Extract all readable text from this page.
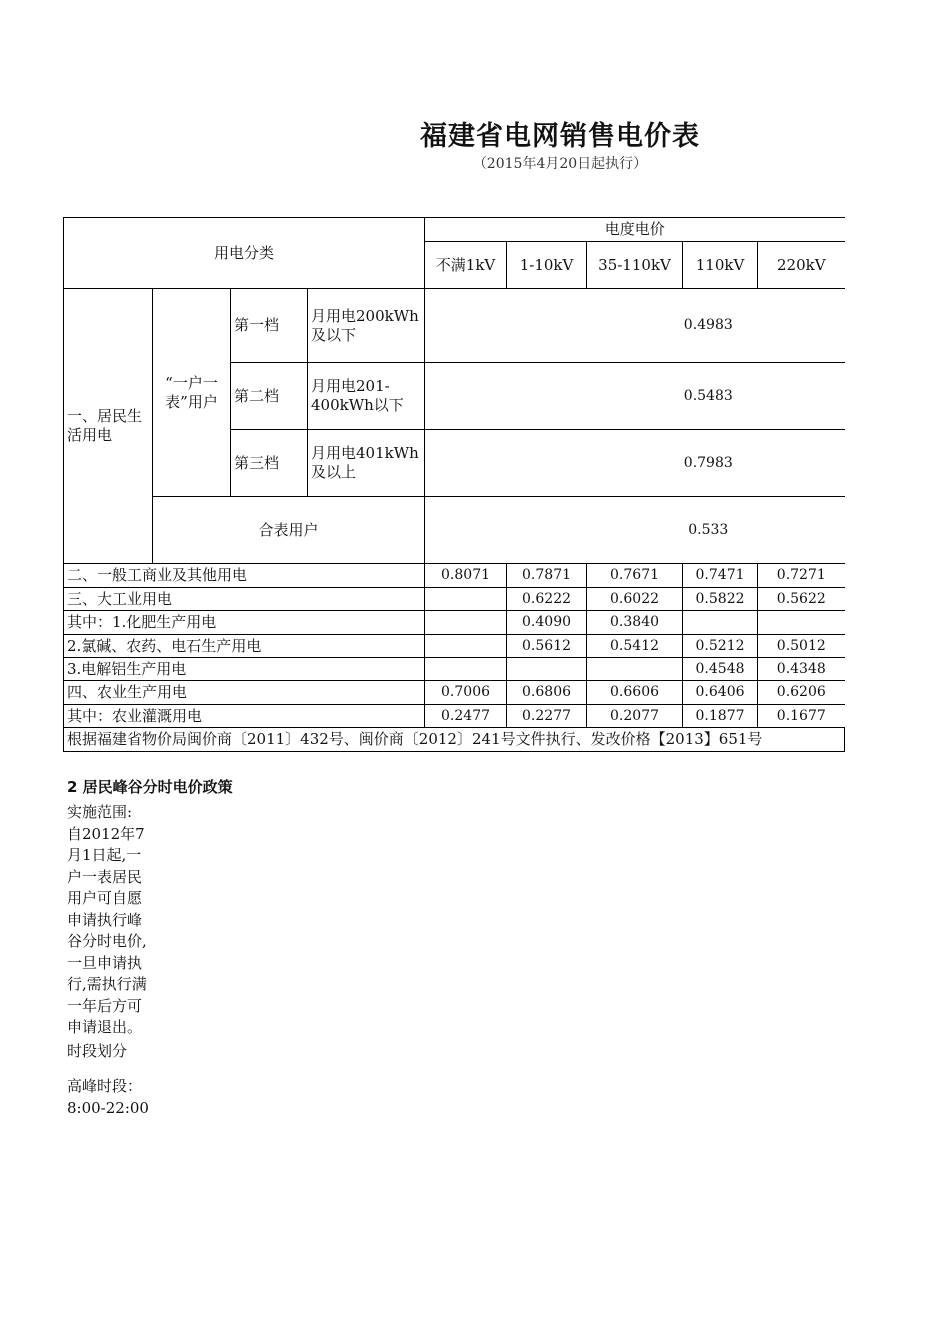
福建省电网销售电价表
（2015年4月20日起执行）
用电分类				电度电价				
				不满1kV	1-10kV	35-110kV	110kV	220kV
一、居民生活用电	“一户一表”用户	第一档	月用电200kWh及以下	0.4983				
		第二档	月用电201-400kWh以下	0.5483				
		第三档	月用电401kWh及以上	0.7983				
	合表用户			0.533				
二、一般工商业及其他用电				0.8071	0.7871	0.7671	0.7471	0.7271
三、大工业用电					0.6222	0.6022	0.5822	0.5622
其中：1.化肥生产用电					0.4090	0.3840		
2.氯碱、农药、电石生产用电					0.5612	0.5412	0.5212	0.5012
3.电解铝生产用电							0.4548	0.4348
四、农业生产用电				0.7006	0.6806	0.6606	0.6406	0.6206
其中：农业灌溉用电				0.2477	0.2277	0.2077	0.1877	0.1677
根据福建省物价局闽价商〔2011〕432号、闽价商〔2012〕241号文件执行、发改价格【2013】651号								
2 居民峰谷分时电价政策

实施范围:

自2012年7月1日起,一户一表居民用户可自愿申请执行峰谷分时电价,一旦申请执行,需执行满一年后方可申请退出。

时段划分

高峰时段：8:00-22:00
